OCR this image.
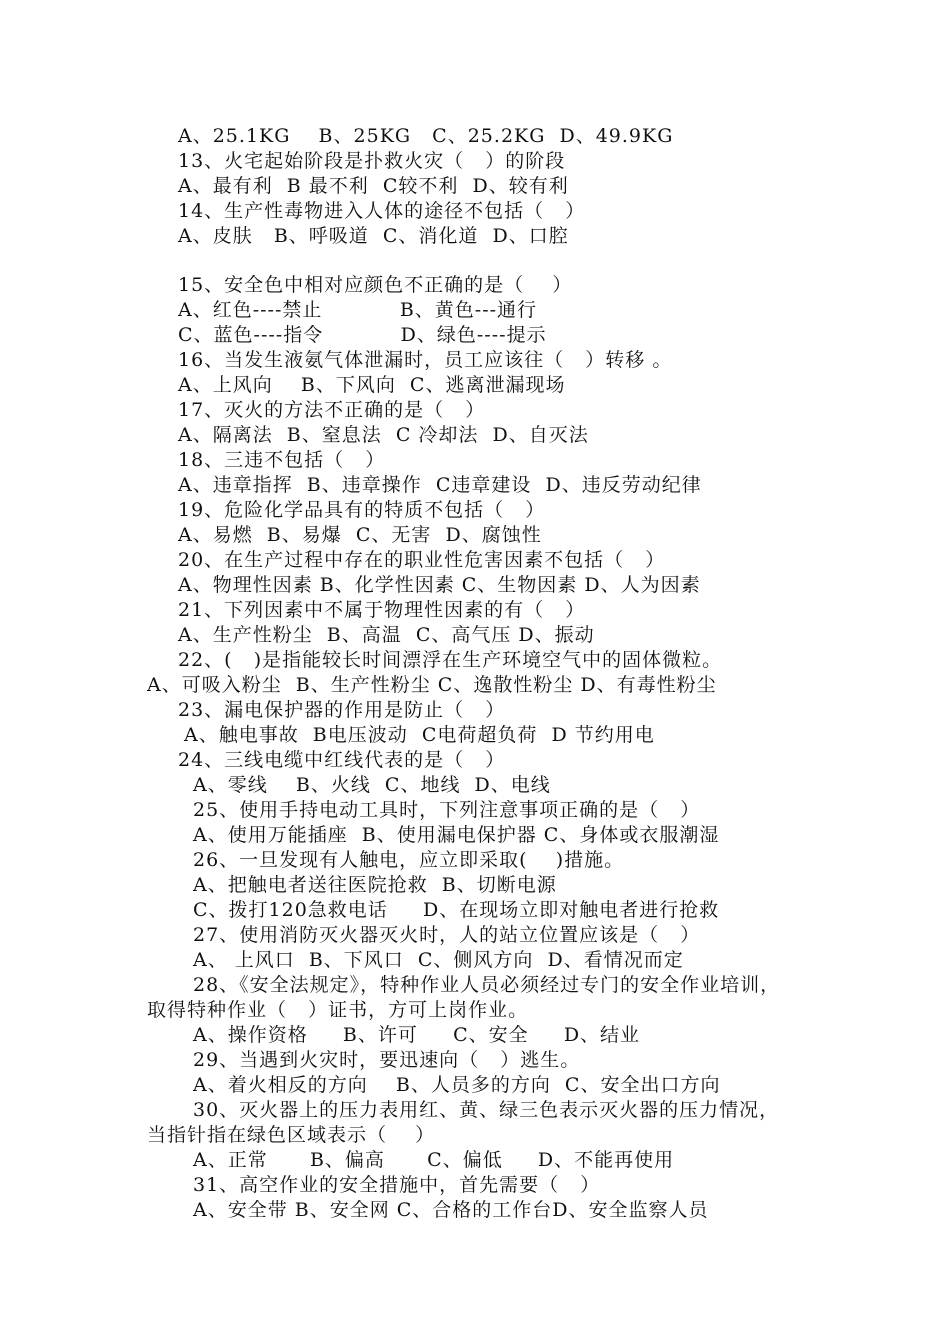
A、25.1KG    B、25KG   C、25.2KG  D、49.9KG
13、火宅起始阶段是扑救火灾（   ）的阶段
A、最有利  B 最不利  C较不利  D、较有利
14、生产性毒物进入人体的途径不包括（   ）
A、皮肤   B、呼吸道  C、消化道  D、口腔
15、安全色中相对应颜色不正确的是（    ）
A、红色----禁止           B、黄色---通行
C、蓝色----指令           D、绿色----提示
16、当发生液氨气体泄漏时，员工应该往（   ）转移 。
A、上风向    B、下风向  C、逃离泄漏现场
17、灭火的方法不正确的是（   ）
A、隔离法  B、窒息法  C 冷却法  D、自灭法
18、三违不包括（   ）
A、违章指挥  B、违章操作  C违章建设  D、违反劳动纪律
19、危险化学品具有的特质不包括（   ）
A、易燃  B、易爆  C、无害  D、腐蚀性
20、在生产过程中存在的职业性危害因素不包括（   ）
A、物理性因素 B、化学性因素 C、生物因素 D、人为因素
21、下列因素中不属于物理性因素的有（   ）
A、生产性粉尘  B、高温  C、高气压 D、振动
22、(   )是指能较长时间漂浮在生产环境空气中的固体微粒。
A、可吸入粉尘  B、生产性粉尘 C、逸散性粉尘 D、有毒性粉尘
23、漏电保护器的作用是防止（   ）
A、触电事故  B电压波动  C电荷超负荷  D 节约用电
24、三线电缆中红线代表的是（   ）
A、零线    B、火线  C、地线  D、电线
25、使用手持电动工具时，下列注意事项正确的是（   ）
A、使用万能插座  B、使用漏电保护器 C、身体或衣服潮湿
26、一旦发现有人触电，应立即采取(    )措施。
A、把触电者送往医院抢救  B、切断电源
C、拨打120急救电话     D、在现场立即对触电者进行抢救
27、使用消防灭火器灭火时，人的站立位置应该是（   ）
A、 上风口  B、下风口  C、侧风方向  D、看情况而定
28、《安全法规定》，特种作业人员必须经过专门的安全作业培训，
取得特种作业（   ）证书，方可上岗作业。
A、操作资格     B、许可     C、安全     D、结业
29、当遇到火灾时，要迅速向（   ）逃生。
A、着火相反的方向    B、人员多的方向  C、安全出口方向
30、灭火器上的压力表用红、黄、绿三色表示灭火器的压力情况，
当指针指在绿色区域表示（    ）
A、正常      B、偏高      C、偏低     D、不能再使用
31、高空作业的安全措施中，首先需要（   ）
A、安全带 B、安全网 C、合格的工作台D、安全监察人员
